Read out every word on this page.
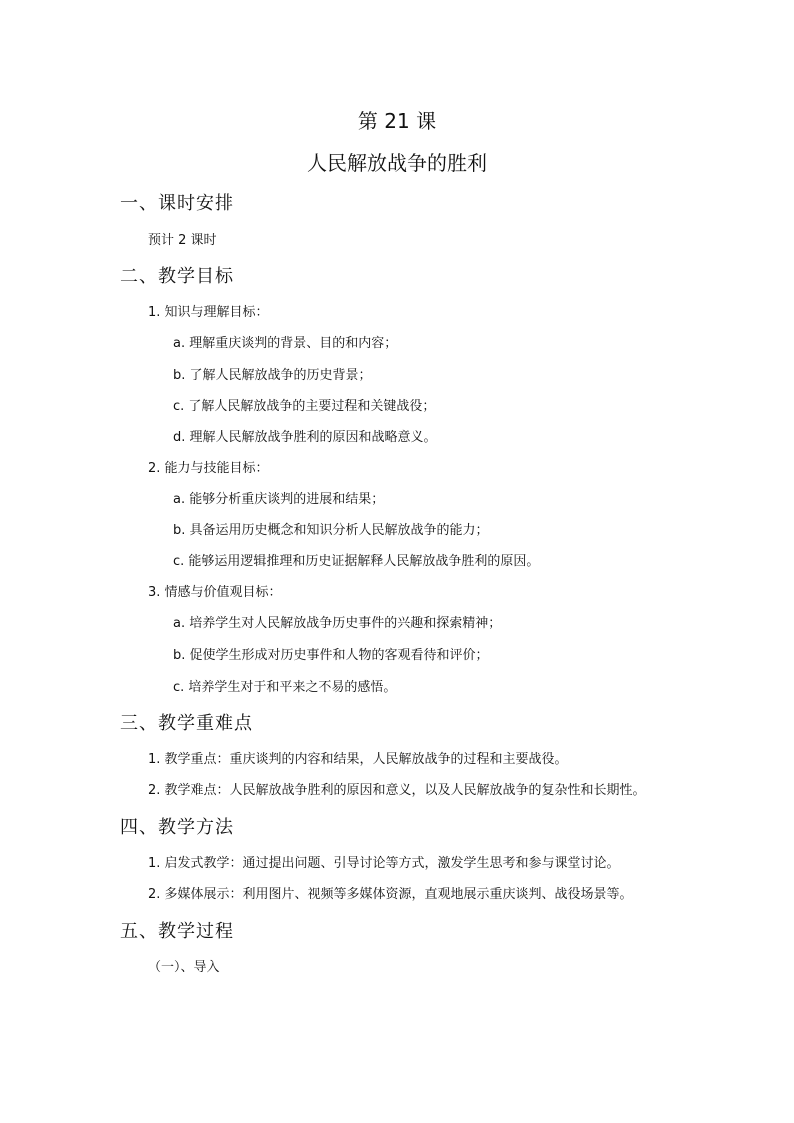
第 21 课
人民解放战争的胜利
一、课时安排
预计 2 课时
二、教学目标
1. 知识与理解目标：
a. 理解重庆谈判的背景、目的和内容；
b. 了解人民解放战争的历史背景；
c. 了解人民解放战争的主要过程和关键战役；
d. 理解人民解放战争胜利的原因和战略意义。
2. 能力与技能目标：
a. 能够分析重庆谈判的进展和结果；
b. 具备运用历史概念和知识分析人民解放战争的能力；
c. 能够运用逻辑推理和历史证据解释人民解放战争胜利的原因。
3. 情感与价值观目标：
a. 培养学生对人民解放战争历史事件的兴趣和探索精神；
b. 促使学生形成对历史事件和人物的客观看待和评价；
c. 培养学生对于和平来之不易的感悟。
三、教学重难点
1. 教学重点：重庆谈判的内容和结果，人民解放战争的过程和主要战役。
2. 教学难点：人民解放战争胜利的原因和意义，以及人民解放战争的复杂性和长期性。
四、教学方法
1. 启发式教学：通过提出问题、引导讨论等方式，激发学生思考和参与课堂讨论。
2. 多媒体展示：利用图片、视频等多媒体资源，直观地展示重庆谈判、战役场景等。
五、教学过程
（一）、导入
